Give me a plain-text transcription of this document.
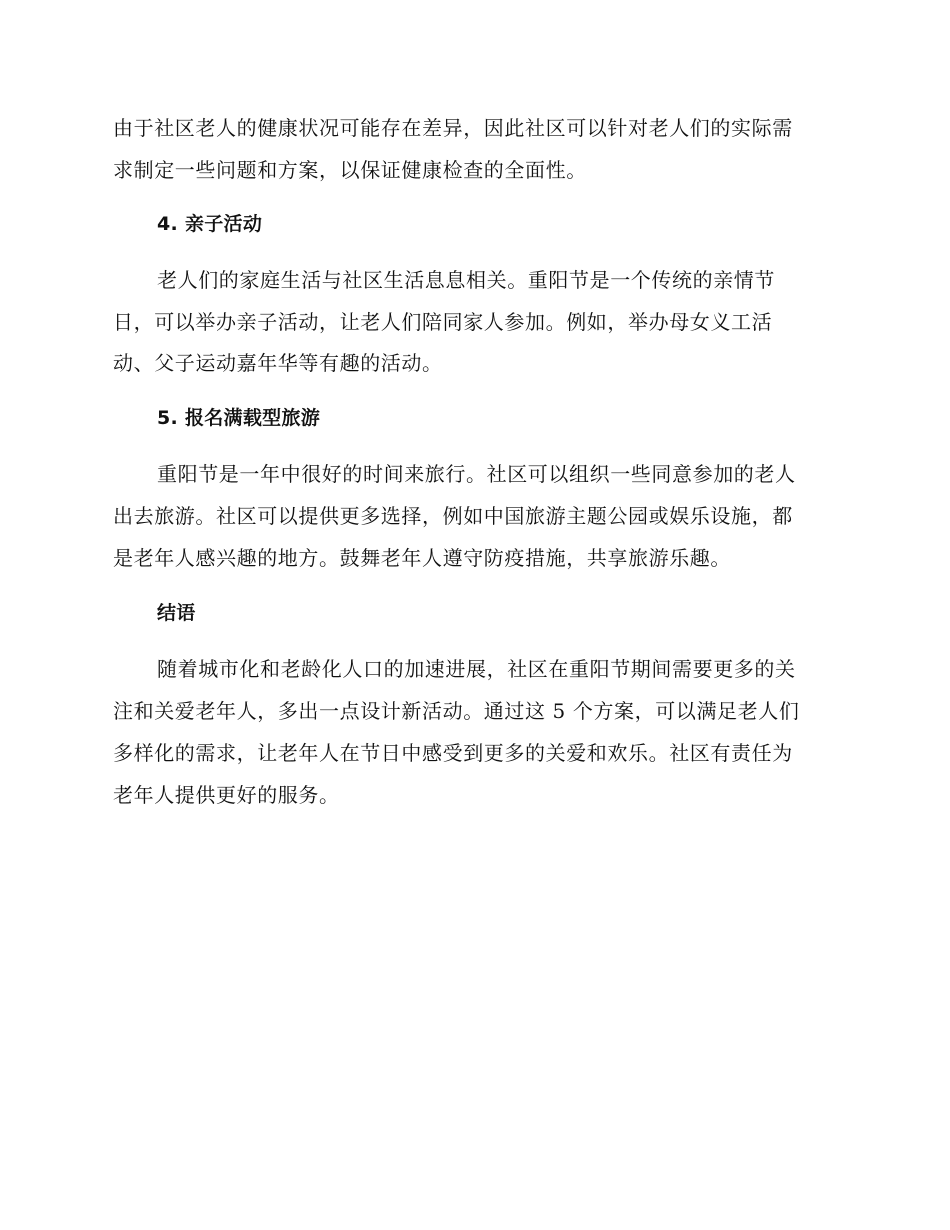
由于社区老人的健康状况可能存在差异，因此社区可以针对老人们的实际需
求制定一些问题和方案，以保证健康检查的全面性。
4. 亲子活动
老人们的家庭生活与社区生活息息相关。重阳节是一个传统的亲情节
日，可以举办亲子活动，让老人们陪同家人参加。例如，举办母女义工活
动、父子运动嘉年华等有趣的活动。
5. 报名满载型旅游
重阳节是一年中很好的时间来旅行。社区可以组织一些同意参加的老人
出去旅游。社区可以提供更多选择，例如中国旅游主题公园或娱乐设施，都
是老年人感兴趣的地方。鼓舞老年人遵守防疫措施，共享旅游乐趣。
结语
随着城市化和老龄化人口的加速进展，社区在重阳节期间需要更多的关
注和关爱老年人，多出一点设计新活动。通过这 5 个方案，可以满足老人们
多样化的需求，让老年人在节日中感受到更多的关爱和欢乐。社区有责任为
老年人提供更好的服务。
